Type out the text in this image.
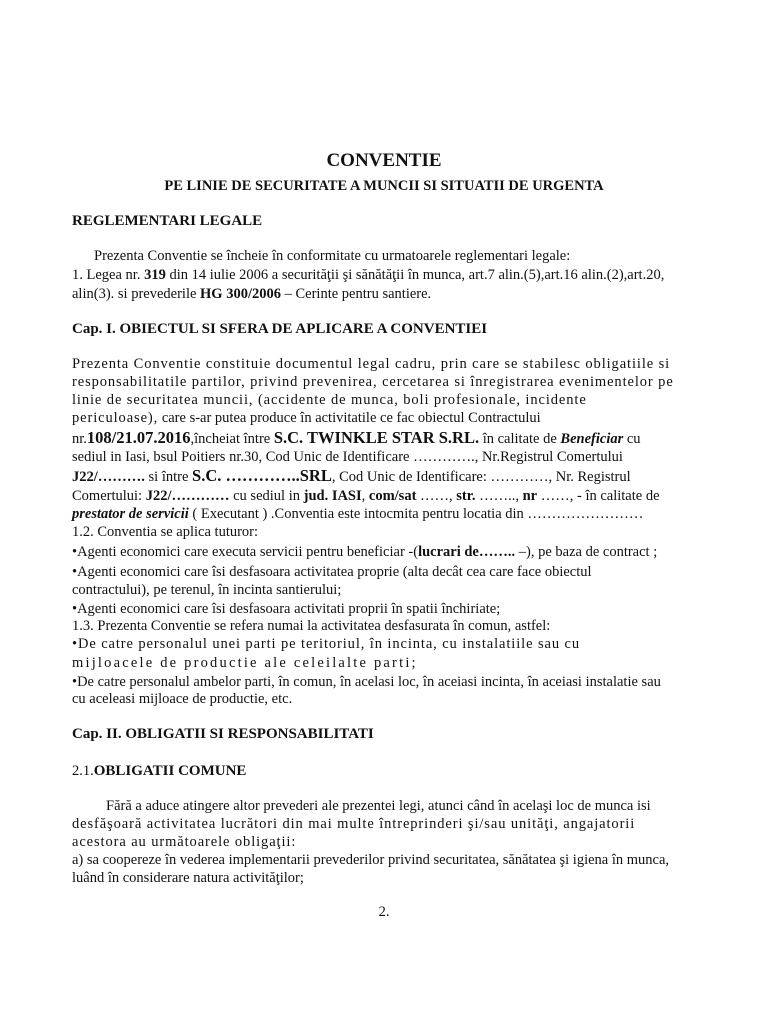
CONVENTIE
PE LINIE DE SECURITATE A MUNCII SI SITUATII DE URGENTA
REGLEMENTARI LEGALE
Prezenta Conventie se încheie în conformitate cu urmatoarele reglementari legale:
1. Legea nr. 319 din 14 iulie 2006 a securităţii şi sănătăţii în munca, art.7 alin.(5),art.16 alin.(2),art.20,
alin(3). si prevederile HG 300/2006 – Cerinte pentru santiere.
Cap. I. OBIECTUL SI SFERA DE APLICARE A CONVENTIEI
Prezenta Conventie constituie documentul legal cadru, prin care se stabilesc obligatiile si
responsabilitatile partilor, privind prevenirea, cercetarea si înregistrarea evenimentelor pe
linie de securitatea muncii, (accidente de munca, boli profesionale, incidente
periculoase), care s-ar putea produce în activitatile ce fac obiectul Contractului
nr.108/21.07.2016,încheiat între S.C. TWINKLE STAR S.RL. în calitate de Beneficiar cu
sediul in Iasi, bsul Poitiers nr.30, Cod Unic de Identificare …………., Nr.Registrul Comertului
J22/………. si între S.C. …………..SRL, Cod Unic de Identificare: …………, Nr. Registrul
Comertului: J22/………… cu sediul in jud. IASI, com/sat ……, str. …….., nr ……, - în calitate de
prestator de servicii ( Executant ) .Conventia este intocmita pentru locatia din ……………………
1.2. Conventia se aplica tuturor:
•Agenti economici care executa servicii pentru beneficiar -(lucrari de…….. –), pe baza de contract ;
•Agenti economici care îsi desfasoara activitatea proprie (alta decât cea care face obiectul
contractului), pe terenul, în incinta santierului;
•Agenti economici care îsi desfasoara activitati proprii în spatii închiriate;
1.3. Prezenta Conventie se refera numai la activitatea desfasurata în comun, astfel:
•De catre personalul unei parti pe teritoriul, în incinta, cu instalatiile sau cu
mijloacele de productie ale celeilalte parti;
•De catre personalul ambelor parti, în comun, în acelasi loc, în aceiasi incinta, în aceiasi instalatie sau
cu aceleasi mijloace de productie, etc.
Cap. II. OBLIGATII SI RESPONSABILITATI
2.1.OBLIGATII COMUNE
Fără a aduce atingere altor prevederi ale prezentei legi, atunci când în acelaşi loc de munca isi
desfăşoară activitatea lucrători din mai multe întreprinderi şi/sau unităţi, angajatorii
acestora au următoarele obligaţii:
a) sa coopereze în vederea implementarii prevederilor privind securitatea, sănătatea şi igiena în munca,
luând în considerare natura activităţilor;
2.
